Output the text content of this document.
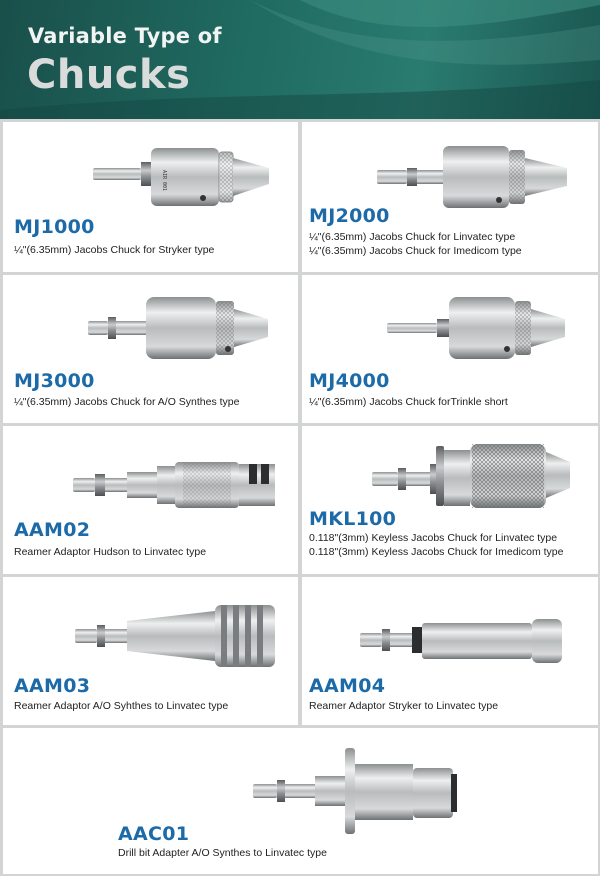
Variable Type of
Chucks
AIR 001
MJ1000
¼"(6.35mm) Jacobs Chuck for Stryker type
MJ2000
¼"(6.35mm) Jacobs Chuck for Linvatec type
¼"(6.35mm) Jacobs Chuck for Imedicom type
MJ3000
¼"(6.35mm) Jacobs Chuck for A/O Synthes type
MJ4000
¼"(6.35mm) Jacobs Chuck forTrinkle short
AAM02
Reamer Adaptor Hudson to Linvatec type
MKL100
0.118"(3mm) Keyless Jacobs Chuck for Linvatec type
0.118"(3mm) Keyless Jacobs Chuck for Imedicom type
AAM03
Reamer Adaptor A/O Syhthes to Linvatec type
AAM04
Reamer Adaptor Stryker to Linvatec type
AAC01
Drill bit Adapter A/O Synthes to Linvatec type
